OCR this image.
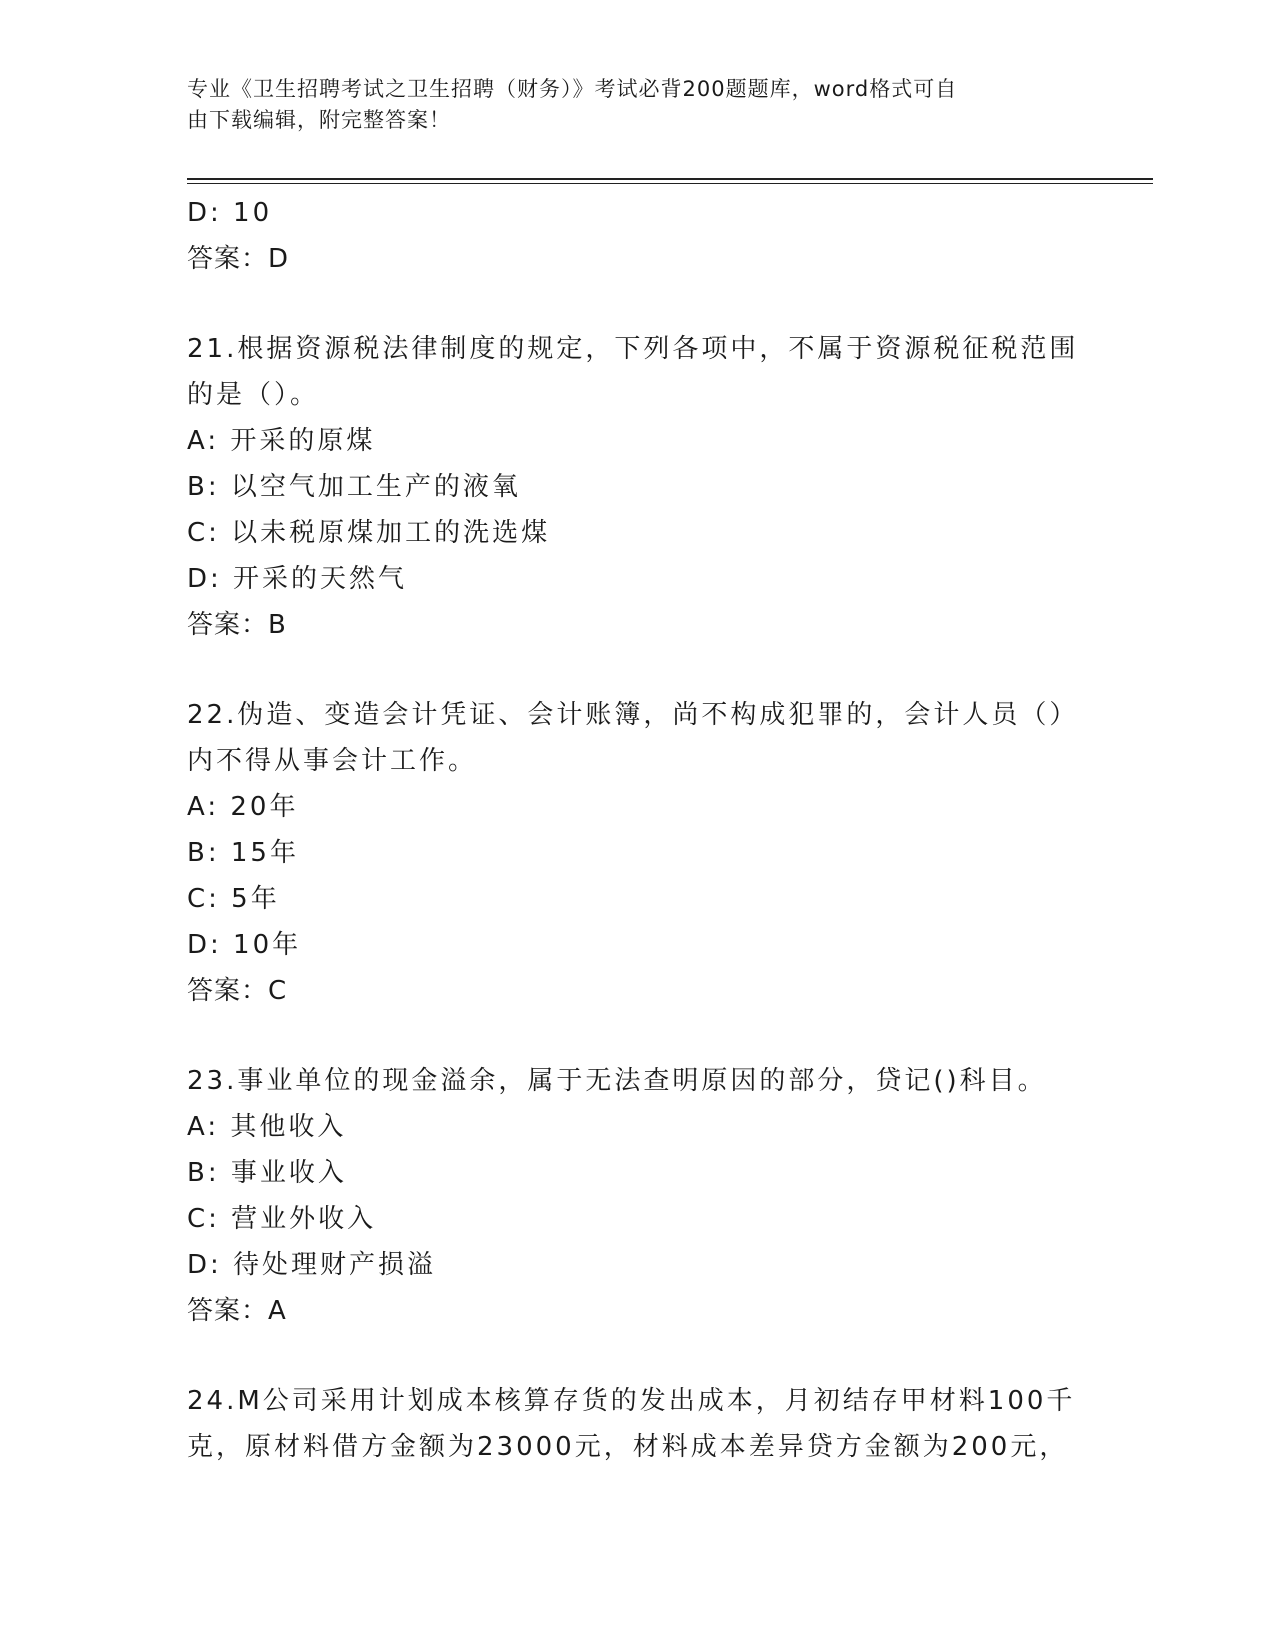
专业《卫生招聘考试之卫生招聘（财务）》考试必背200题题库，word格式可自
由下载编辑，附完整答案！
D: 10
答案：D
21.根据资源税法律制度的规定，下列各项中，不属于资源税征税范围
的是（）。
A: 开采的原煤
B: 以空气加工生产的液氧
C: 以未税原煤加工的洗选煤
D: 开采的天然气
答案：B
22.伪造、变造会计凭证、会计账簿，尚不构成犯罪的，会计人员（）
内不得从事会计工作。
A: 20年
B: 15年
C: 5年
D: 10年
答案：C
23.事业单位的现金溢余，属于无法查明原因的部分，贷记()科目。
A: 其他收入
B: 事业收入
C: 营业外收入
D: 待处理财产损溢
答案：A
24.M公司采用计划成本核算存货的发出成本，月初结存甲材料100千
克，原材料借方金额为23000元，材料成本差异贷方金额为200元，
